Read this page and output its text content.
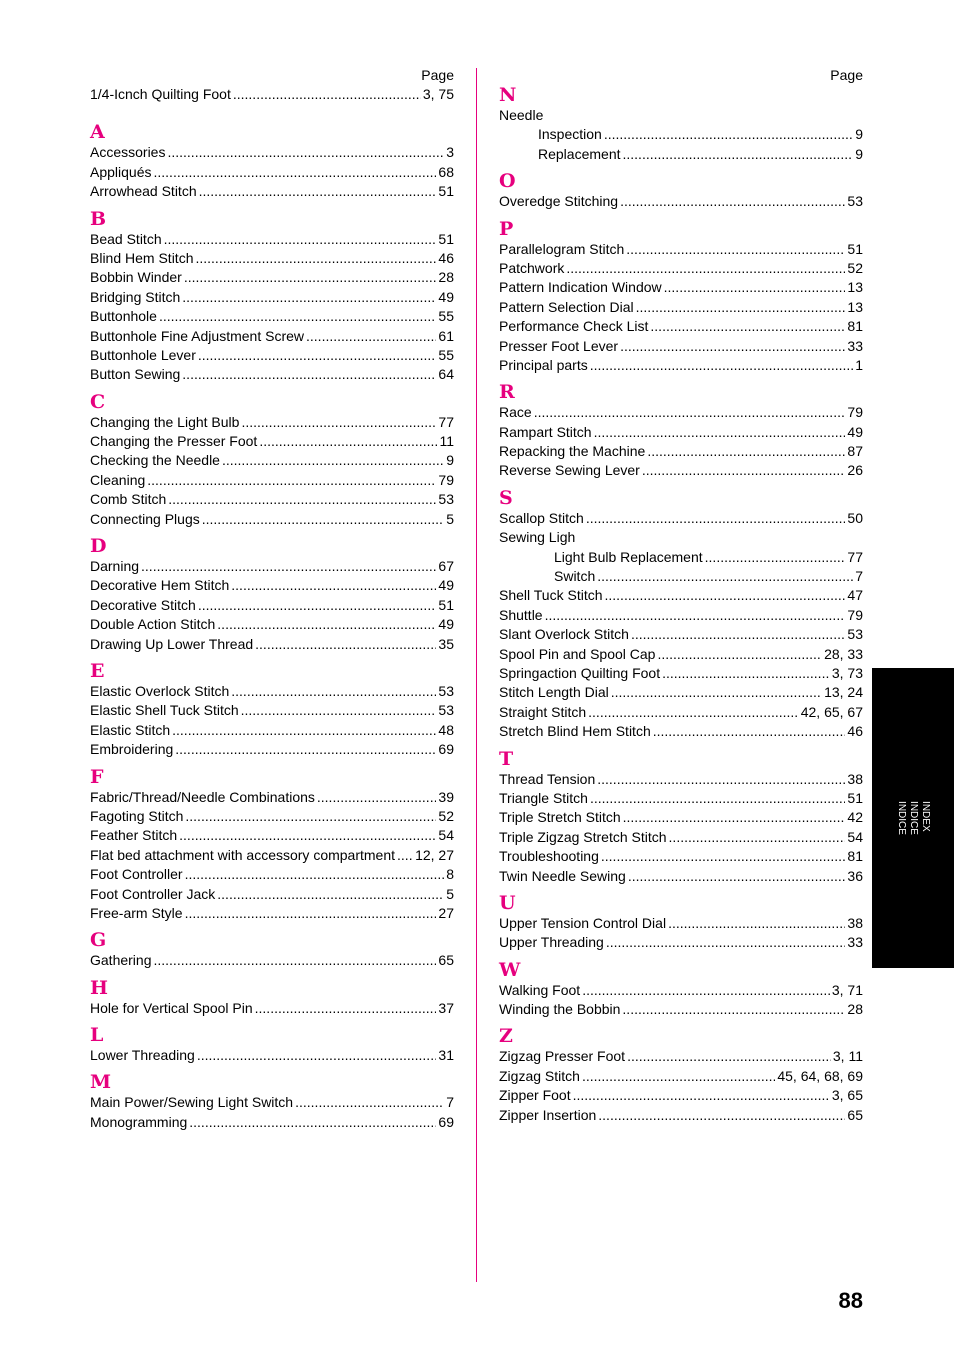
Page
1/4-Icnch Quilting Foot .....	3, 75
A
Accessories .....	3
Appliqués .....	68
Arrowhead Stitch .....	51
B
Bead Stitch .....	51
Blind Hem Stitch .....	46
Bobbin Winder .....	28
Bridging Stitch .....	49
Buttonhole .....	55
Buttonhole Fine Adjustment Screw .....	61
Buttonhole Lever .....	55
Button Sewing .....	64
C
Changing the Light Bulb .....	77
Changing the Presser Foot .....	11
Checking the Needle .....	9
Cleaning .....	79
Comb Stitch .....	53
Connecting Plugs .....	5
D
Darning .....	67
Decorative Hem Stitch .....	49
Decorative Stitch .....	51
Double Action Stitch .....	49
Drawing Up Lower Thread .....	35
E
Elastic Overlock Stitch .....	53
Elastic Shell Tuck Stitch .....	53
Elastic Stitch .....	48
Embroidering .....	69
F
Fabric/Thread/Needle Combinations .....	39
Fagoting Stitch .....	52
Feather Stitch .....	54
Flat bed attachment with accessory compartment ..... 12, 27
Foot Controller .....	8
Foot Controller Jack .....	5
Free-arm Style .....	27
G
Gathering .....	65
H
Hole for Vertical Spool Pin .....	37
L
Lower Threading .....	31
M
Main Power/Sewing Light Switch .....	7
Monogramming .....	69
Page
N
Needle
Inspection .....	9
Replacement .....	9
O
Overedge Stitching .....	53
P
Parallelogram Stitch .....	51
Patchwork .....	52
Pattern Indication Window .....	13
Pattern Selection Dial .....	13
Performance Check List .....	81
Presser Foot Lever .....	33
Principal parts .....	1
R
Race .....	79
Rampart Stitch .....	49
Repacking the Machine .....	87
Reverse Sewing Lever .....	26
S
Scallop Stitch .....	50
Sewing Ligh
Light Bulb Replacement .....	77
Switch .....	7
Shell Tuck Stitch .....	47
Shuttle .....	79
Slant Overlock Stitch .....	53
Spool Pin and Spool Cap .....	28, 33
Springaction Quilting Foot .....	3, 73
Stitch Length Dial .....	13, 24
Straight Stitch .....	42, 65, 67
Stretch Blind Hem Stitch .....	46
T
Thread Tension .....	38
Triangle Stitch .....	51
Triple Stretch Stitch .....	42
Triple Zigzag Stretch Stitch .....	54
Troubleshooting .....	81
Twin Needle Sewing .....	36
U
Upper Tension Control Dial .....	38
Upper Threading .....	33
W
Walking Foot .....	3, 71
Winding the Bobbin .....	28
Z
Zigzag Presser Foot .....	3, 11
Zigzag Stitch .....	45, 64, 68, 69
Zipper Foot .....	3, 65
Zipper Insertion .....	65
INDEX
INDICE
INDICE
88
